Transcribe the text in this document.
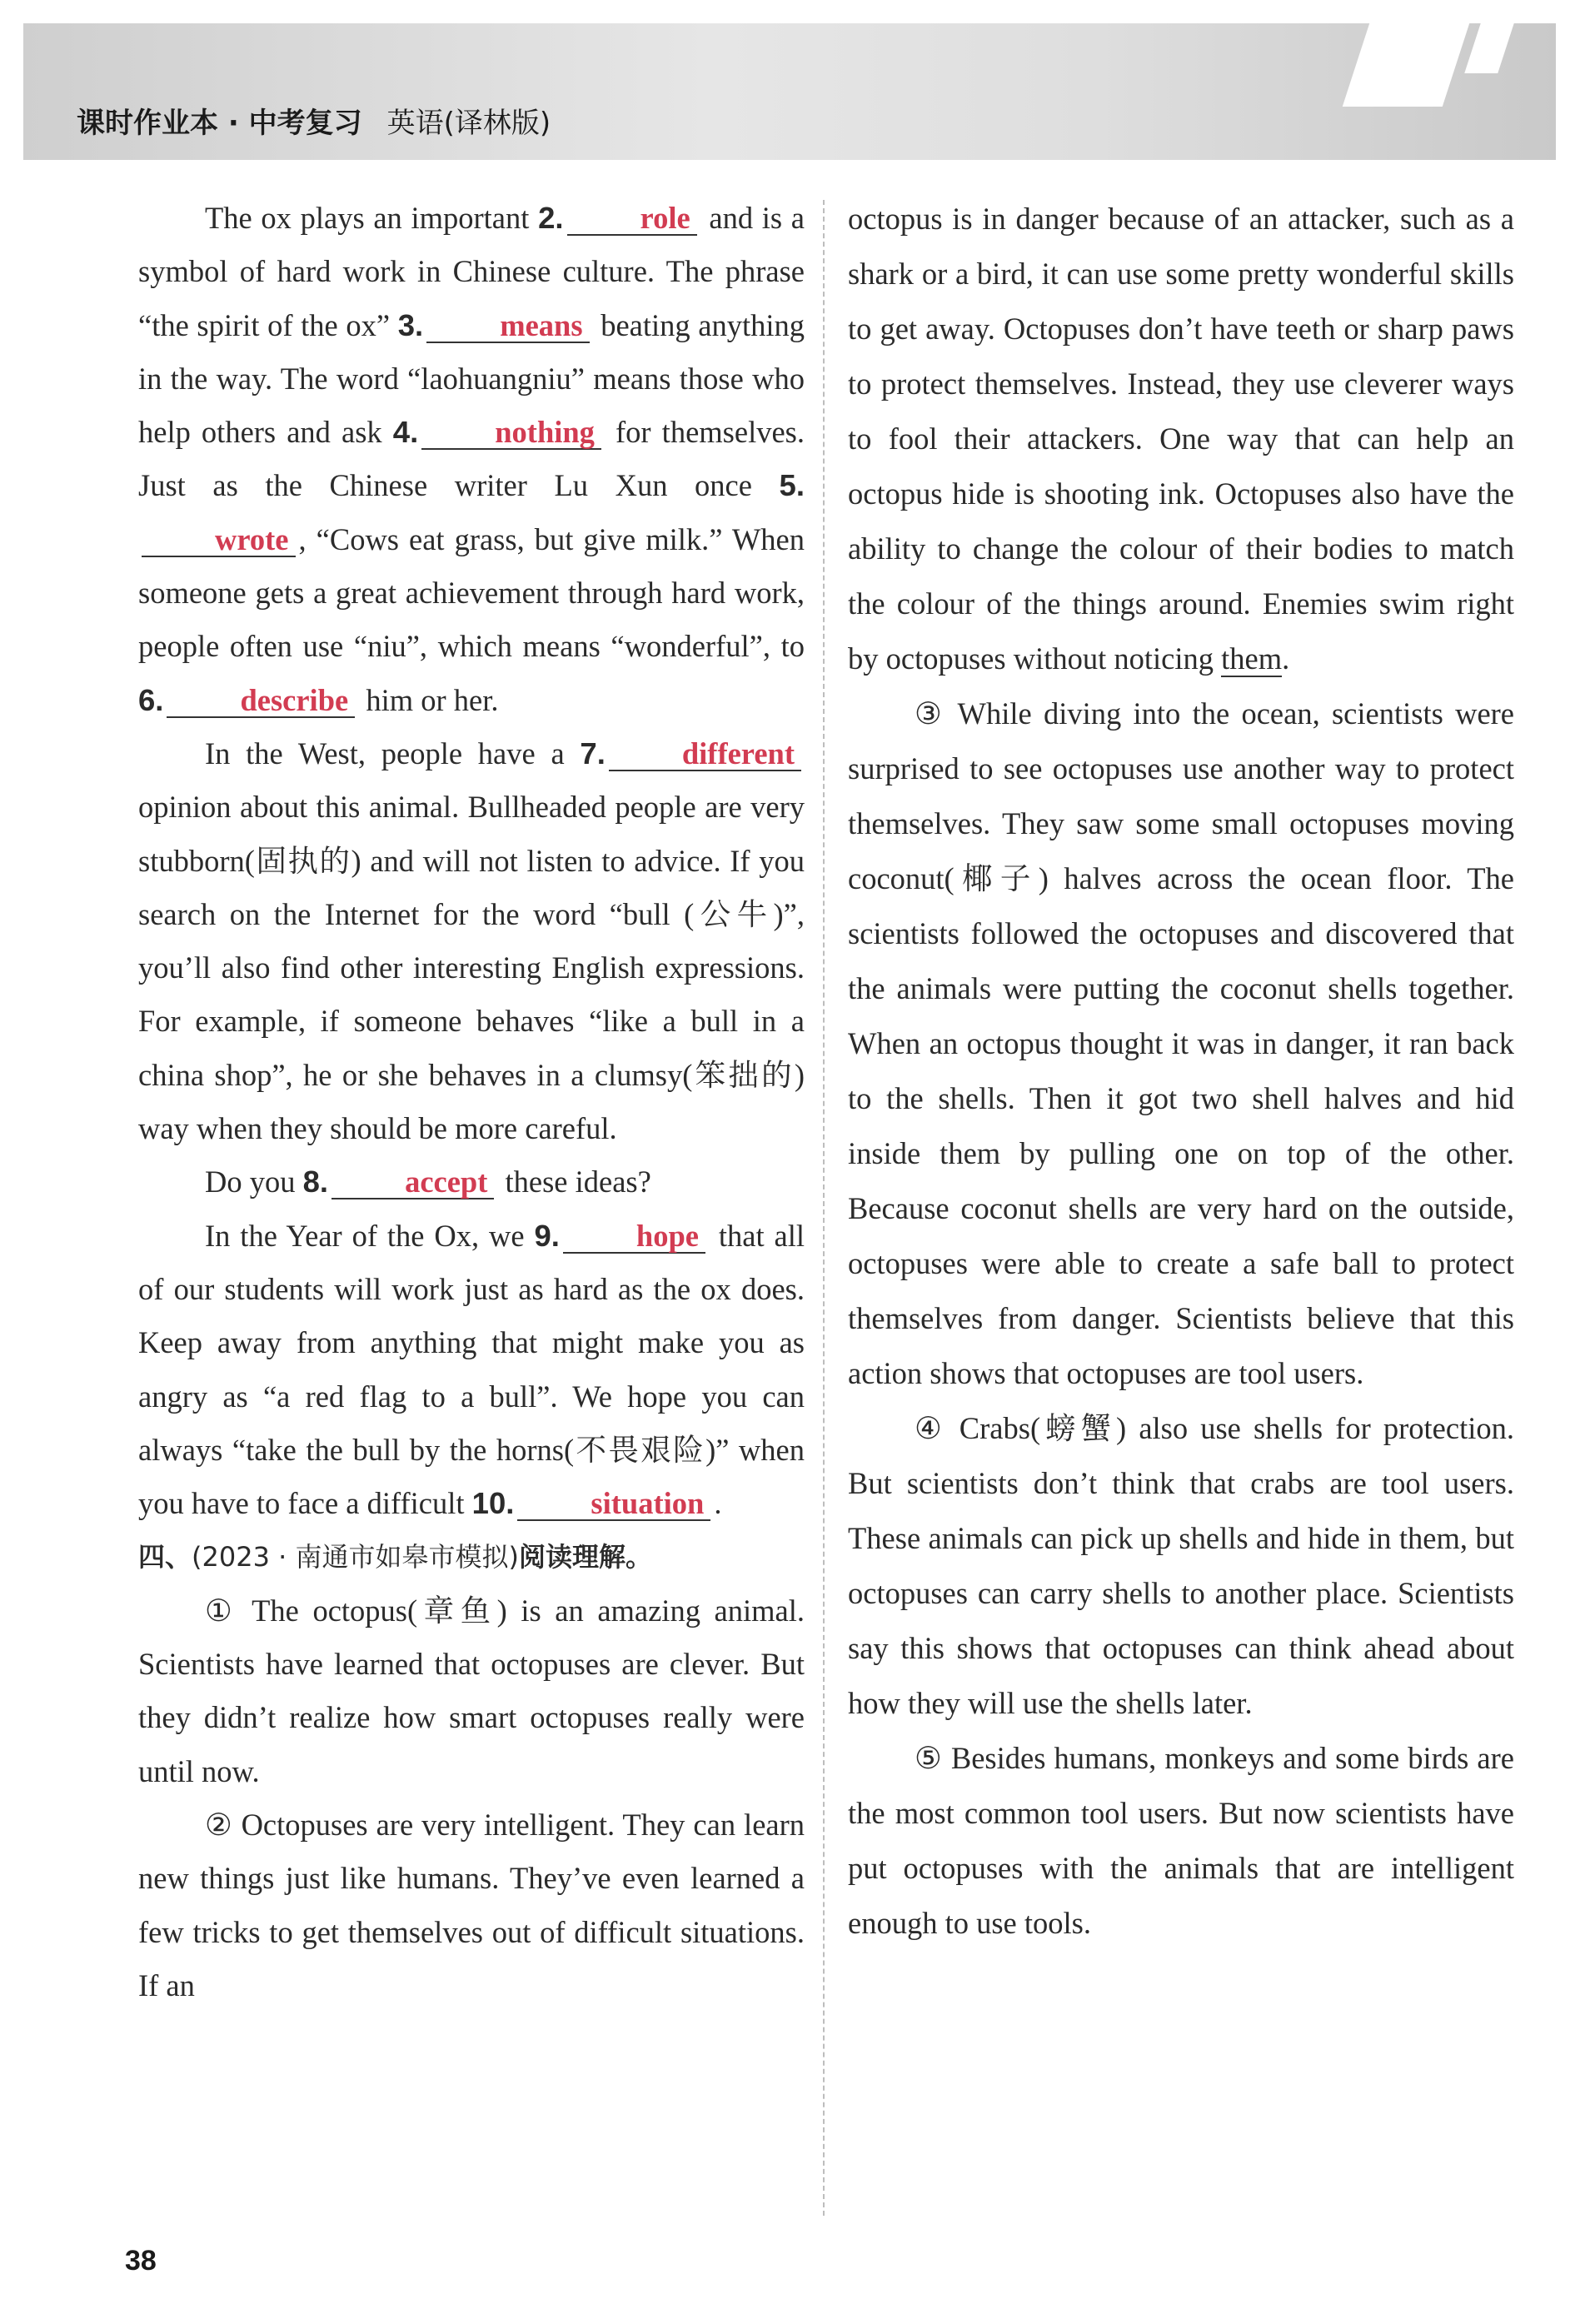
课时作业本 · 中考复习 英语(译林版)

The ox plays an important 2.	role and is a symbol of hard work in Chinese culture. The phrase “the spirit of the ox” 3.	means beating anything in the way. The word “laohuangniu” means those who help others and ask 4.	nothing for themselves. Just as the Chinese writer Lu Xun once 5.wrote , “Cows eat grass, but give milk.” When someone gets a great achievement through hard work, people often use “niu”, which means “wonderful”, to 6.	describe him or her.

In the West, people have a 7.	different opinion about this animal. Bullheaded people are very stubborn(固执的) and will not listen to advice. If you search on the Internet for the word “bull (公牛)”, you’ll also find other interesting English expressions. For example, if someone behaves “like a bull in a china shop”, he or she behaves in a clumsy(笨拙的) way when they should be more careful.

Do you 8.	accept these ideas?

In the Year of the Ox, we 9.	hope that all of our students will work just as hard as the ox does. Keep away from anything that might make you as angry as “a red flag to a bull”. We hope you can always “take the bull by the horns(不畏艰险)” when you have to face a difficult 10.	situation .

四、(2023 · 南通市如皋市模拟)阅读理解。

① The octopus(章鱼) is an amazing animal. Scientists have learned that octopuses are clever. But they didn’t realize how smart octopuses really were until now.

② Octopuses are very intelligent. They can learn new things just like humans. They’ve even learned a few tricks to get themselves out of difficult situations. If an

octopus is in danger because of an attacker, such as a shark or a bird, it can use some pretty wonderful skills to get away. Octopuses don’t have teeth or sharp paws to protect themselves. Instead, they use cleverer ways to fool their attackers. One way that can help an octopus hide is shooting ink. Octopuses also have the ability to change the colour of their bodies to match the colour of the things around. Enemies swim right by octopuses without noticing them.

③ While diving into the ocean, scientists were surprised to see octopuses use another way to protect themselves. They saw some small octopuses moving coconut(椰子) halves across the ocean floor. The scientists followed the octopuses and discovered that the animals were putting the coconut shells together. When an octopus thought it was in danger, it ran back to the shells. Then it got two shell halves and hid inside them by pulling one on top of the other. Because coconut shells are very hard on the outside, octopuses were able to create a safe ball to protect themselves from danger. Scientists believe that this action shows that octopuses are tool users.

④ Crabs(螃蟹) also use shells for protection. But scientists don’t think that crabs are tool users. These animals can pick up shells and hide in them, but octopuses can carry shells to another place. Scientists say this shows that octopuses can think ahead about how they will use the shells later.

⑤ Besides humans, monkeys and some birds are the most common tool users. But now scientists have put octopuses with the animals that are intelligent enough to use tools.

38
